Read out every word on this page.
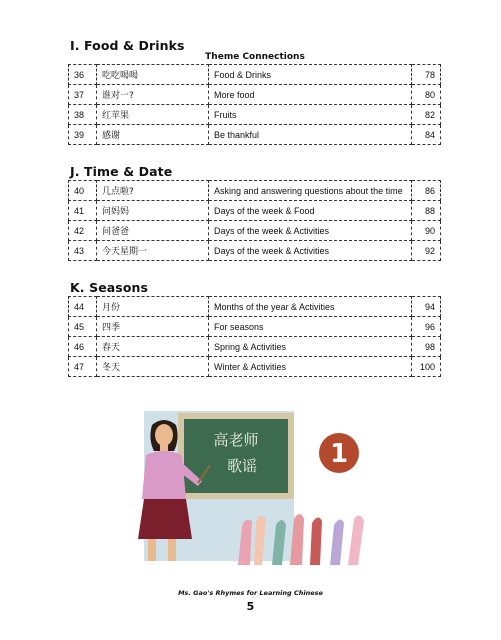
I. Food & Drinks
Theme Connections
36	吃吃喝喝	Food & Drinks	78
37	谁对一?	More food	80
38	红苹果	Fruits	82
39	感谢	Be thankful	84
J. Time & Date
40	几点啦?	Asking and answering questions about the time	86
41	问妈妈	Days of the week & Food	88
42	问爸爸	Days of the week & Activities	90
43	今天星期一	Days of the week & Activities	92
K. Seasons
44	月份	Months of the year & Activities	94
45	四季	For seasons	96
46	春天	Spring & Activities	98
47	冬天	Winter & Activities	100
高老师
歌谣	1
Ms. Gao's Rhymes for Learning Chinese
5
